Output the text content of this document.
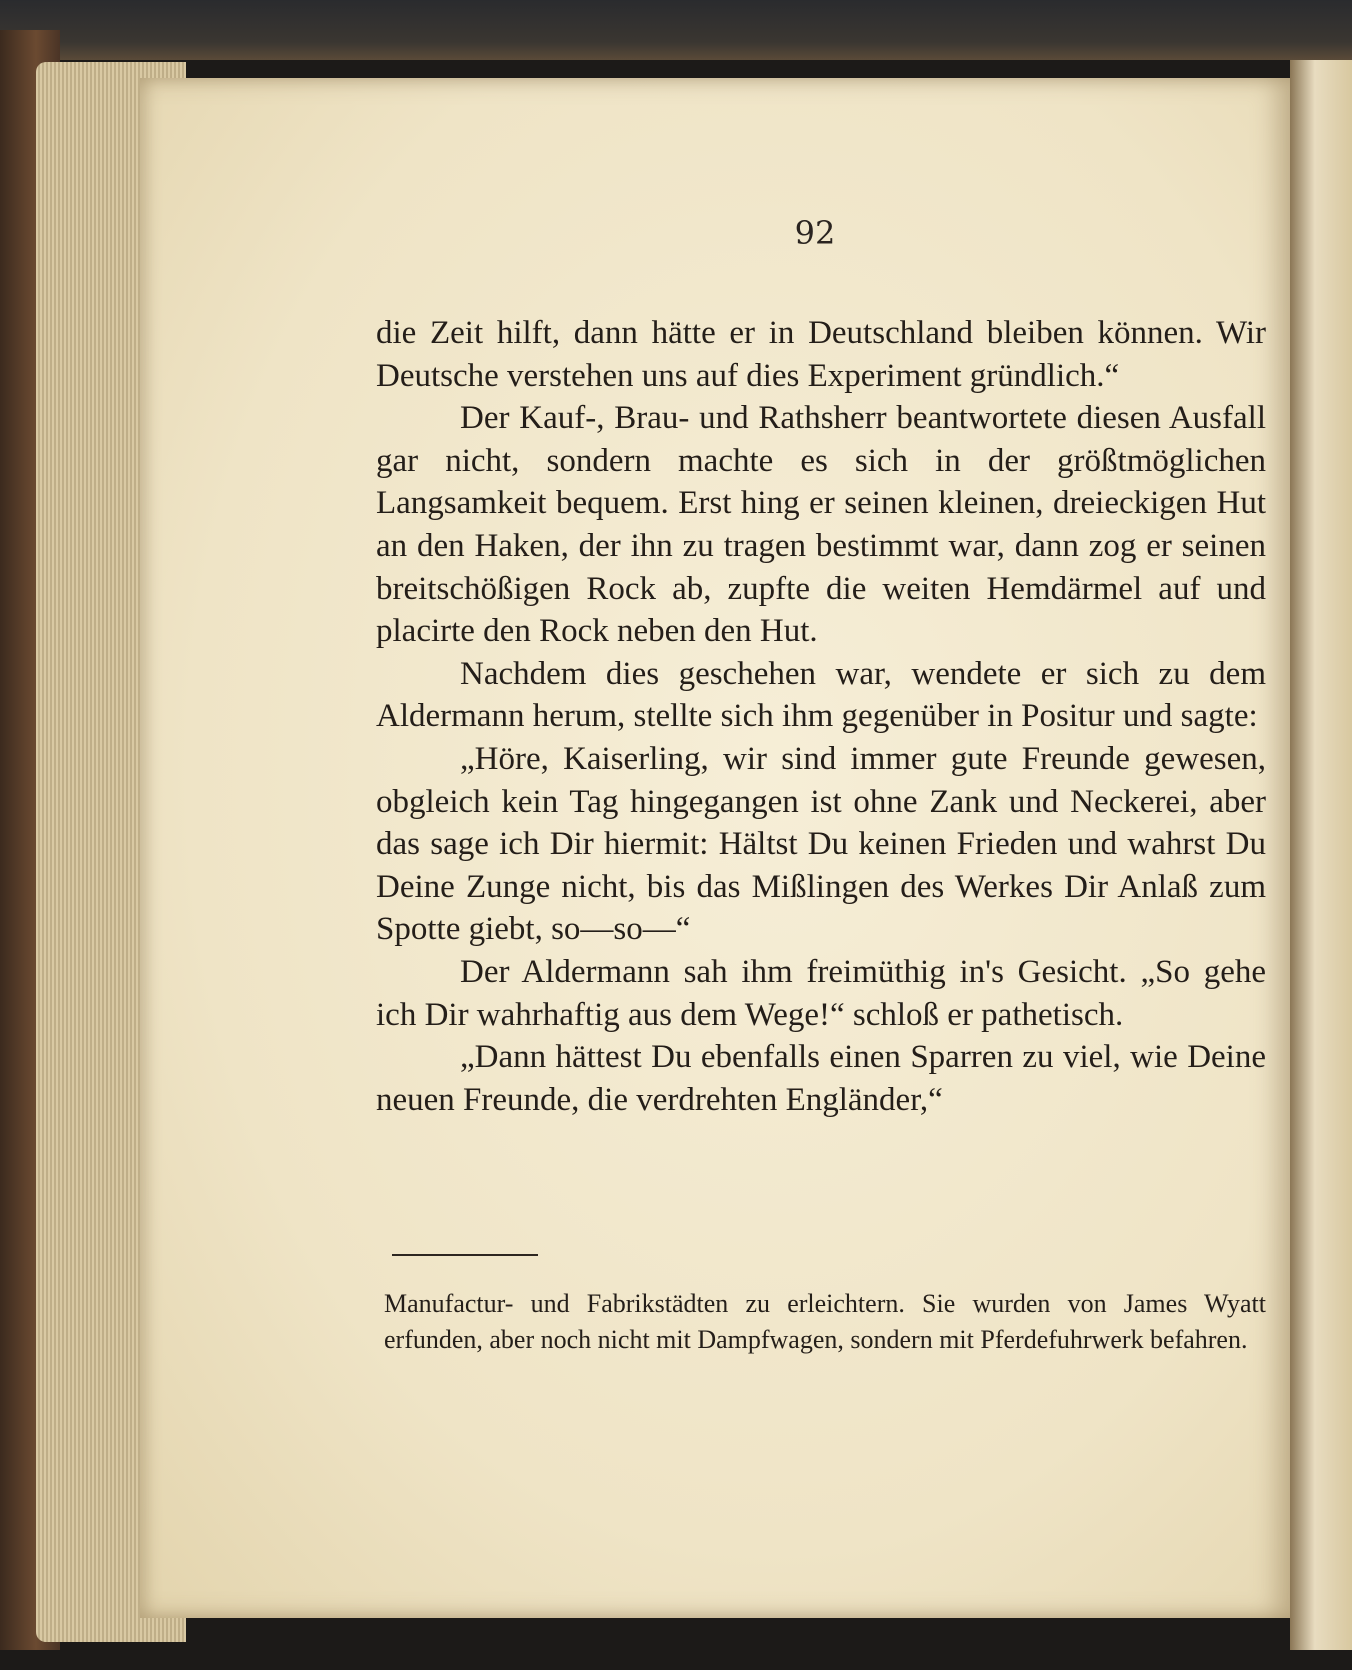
92

die Zeit hilft, dann hätte er in Deutschland bleiben können. Wir Deutsche verstehen uns auf dies Experiment gründlich.“

Der Kauf-, Brau- und Rathsherr beantwortete diesen Ausfall gar nicht, sondern machte es sich in der größtmöglichen Langsamkeit bequem. Erst hing er seinen kleinen, dreieckigen Hut an den Haken, der ihn zu tragen bestimmt war, dann zog er seinen breitschößigen Rock ab, zupfte die weiten Hemdärmel auf und placirte den Rock neben den Hut.

Nachdem dies geschehen war, wendete er sich zu dem Aldermann herum, stellte sich ihm gegenüber in Positur und sagte:

„Höre, Kaiserling, wir sind immer gute Freunde gewesen, obgleich kein Tag hingegangen ist ohne Zank und Neckerei, aber das sage ich Dir hiermit: Hältst Du keinen Frieden und wahrst Du Deine Zunge nicht, bis das Mißlingen des Werkes Dir Anlaß zum Spotte giebt, so—so—“

Der Aldermann sah ihm freimüthig in's Gesicht. „So gehe ich Dir wahrhaftig aus dem Wege!“ schloß er pathetisch.

„Dann hättest Du ebenfalls einen Sparren zu viel, wie Deine neuen Freunde, die verdrehten Engländer,“

Manufactur- und Fabrikstädten zu erleichtern. Sie wurden von James Wyatt erfunden, aber noch nicht mit Dampfwagen, sondern mit Pferdefuhrwerk befahren.
